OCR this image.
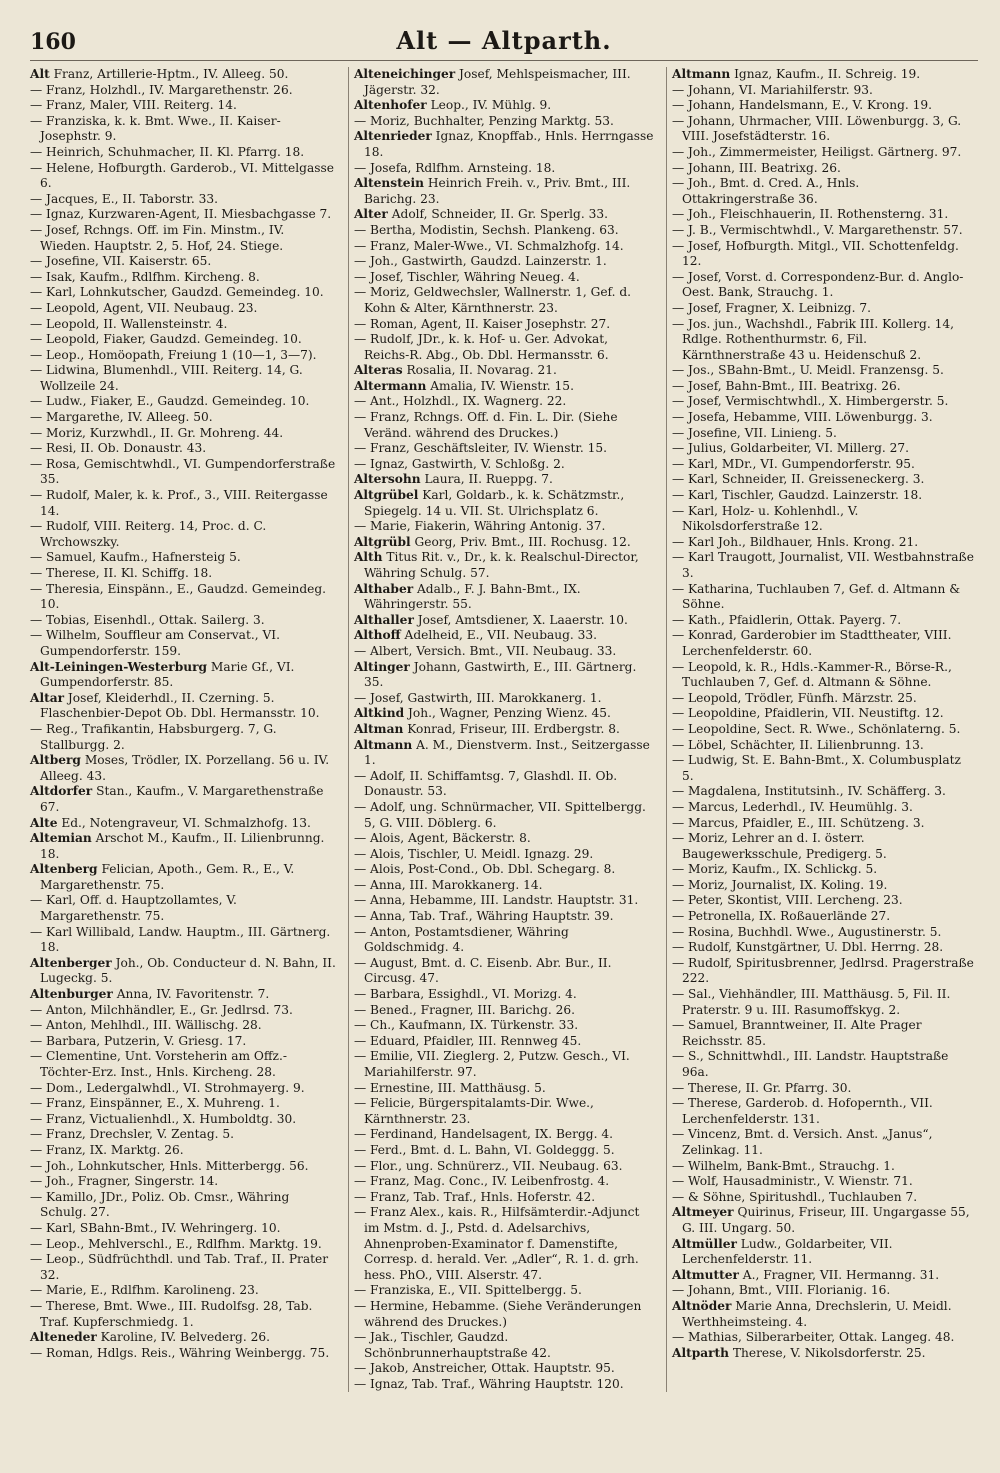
160	Alt — Altparth.
Alt Franz, Artillerie-Hptm., IV. Alleeg. 50.
— Franz, Holzhdl., IV. Margarethenstr. 26.
— Franz, Maler, VIII. Reiterg. 14.
— Franziska, k. k. Bmt. Wwe., II. Kaiser-Josephstr. 9.
— Heinrich, Schuhmacher, II. Kl. Pfarrg. 18.
— Helene, Hofburgth. Garderob., VI. Mittelgasse 6.
— Jacques, E., II. Taborstr. 33.
— Ignaz, Kurzwaren-Agent, II. Miesbachgasse 7.
— Josef, Rchngs. Off. im Fin. Minstm., IV. Wieden. Hauptstr. 2, 5. Hof, 24. Stiege.
— Josefine, VII. Kaiserstr. 65.
— Isak, Kaufm., Rdlfhm. Kircheng. 8.
— Karl, Lohnkutscher, Gaudzd. Gemeindeg. 10.
— Leopold, Agent, VII. Neubaug. 23.
— Leopold, II. Wallensteinstr. 4.
— Leopold, Fiaker, Gaudzd. Gemeindeg. 10.
— Leop., Homöopath, Freiung 1 (10—1, 3—7).
— Lidwina, Blumenhdl., VIII. Reiterg. 14, G. Wollzeile 24.
— Ludw., Fiaker, E., Gaudzd. Gemeindeg. 10.
— Margarethe, IV. Alleeg. 50.
— Moriz, Kurzwhdl., II. Gr. Mohreng. 44.
— Resi, II. Ob. Donaustr. 43.
— Rosa, Gemischtwhdl., VI. Gumpendorferstraße 35.
— Rudolf, Maler, k. k. Prof., 3., VIII. Reitergasse 14.
— Rudolf, VIII. Reiterg. 14, Proc. d. C. Wrchowszky.
— Samuel, Kaufm., Hafnersteig 5.
— Therese, II. Kl. Schiffg. 18.
— Theresia, Einspänn., E., Gaudzd. Gemeindeg. 10.
— Tobias, Eisenhdl., Ottak. Sailerg. 3.
— Wilhelm, Souffleur am Conservat., VI. Gumpendorferstr. 159.
Alt-Leiningen-Westerburg Marie Gf., VI. Gumpendorferstr. 85.
Altar Josef, Kleiderhdl., II. Czerning. 5. Flaschenbier-Depot Ob. Dbl. Hermansstr. 10.
— Reg., Trafikantin, Habsburgerg. 7, G. Stallburgg. 2.
Altberg Moses, Trödler, IX. Porzellang. 56 u. IV. Alleeg. 43.
Altdorfer Stan., Kaufm., V. Margarethenstraße 67.
Alte Ed., Notengraveur, VI. Schmalzhofg. 13.
Altemian Arschot M., Kaufm., II. Lilienbrunng. 18.
Altenberg Felician, Apoth., Gem. R., E., V. Margarethenstr. 75.
— Karl, Off. d. Hauptzollamtes, V. Margarethenstr. 75.
— Karl Willibald, Landw. Hauptm., III. Gärtnerg. 18.
Altenberger Joh., Ob. Conducteur d. N. Bahn, II. Lugeckg. 5.
Altenburger Anna, IV. Favoritenstr. 7.
— Anton, Milchhändler, E., Gr. Jedlrsd. 73.
— Anton, Mehlhdl., III. Wällischg. 28.
— Barbara, Putzerin, V. Griesg. 17.
— Clementine, Unt. Vorsteherin am Offz.-Töchter-Erz. Inst., Hnls. Kircheng. 28.
— Dom., Ledergalwhdl., VI. Strohmayerg. 9.
— Franz, Einspänner, E., X. Muhreng. 1.
— Franz, Victualienhdl., X. Humboldtg. 30.
— Franz, Drechsler, V. Zentag. 5.
— Franz, IX. Marktg. 26.
— Joh., Lohnkutscher, Hnls. Mitterbergg. 56.
— Joh., Fragner, Singerstr. 14.
— Kamillo, JDr., Poliz. Ob. Cmsr., Währing Schulg. 27.
— Karl, SBahn-Bmt., IV. Wehringerg. 10.
— Leop., Mehlverschl., E., Rdlfhm. Marktg. 19.
— Leop., Südfrüchthdl. und Tab. Traf., II. Prater 32.
— Marie, E., Rdlfhm. Karolineng. 23.
— Therese, Bmt. Wwe., III. Rudolfsg. 28, Tab. Traf. Kupferschmiedg. 1.
Alteneder Karoline, IV. Belvederg. 26.
— Roman, Hdlgs. Reis., Währing Weinbergg. 75.
Alteneichinger Josef, Mehlspeismacher, III. Jägerstr. 32.
Altenhofer Leop., IV. Mühlg. 9.
— Moriz, Buchhalter, Penzing Marktg. 53.
Altenrieder Ignaz, Knopffab., Hnls. Herrngasse 18.
— Josefa, Rdlfhm. Arnsteing. 18.
Altenstein Heinrich Freih. v., Priv. Bmt., III. Barichg. 23.
Alter Adolf, Schneider, II. Gr. Sperlg. 33.
— Bertha, Modistin, Sechsh. Plankeng. 63.
— Franz, Maler-Wwe., VI. Schmalzhofg. 14.
— Joh., Gastwirth, Gaudzd. Lainzerstr. 1.
— Josef, Tischler, Währing Neueg. 4.
— Moriz, Geldwechsler, Wallnerstr. 1, Gef. d. Kohn & Alter, Kärnthnerstr. 23.
— Roman, Agent, II. Kaiser Josephstr. 27.
— Rudolf, JDr., k. k. Hof- u. Ger. Advokat, Reichs-R. Abg., Ob. Dbl. Hermansstr. 6.
Alteras Rosalia, II. Novarag. 21.
Altermann Amalia, IV. Wienstr. 15.
— Ant., Holzhdl., IX. Wagnerg. 22.
— Franz, Rchngs. Off. d. Fin. L. Dir. (Siehe Veränd. während des Druckes.)
— Franz, Geschäftsleiter, IV. Wienstr. 15.
— Ignaz, Gastwirth, V. Schloßg. 2.
Altersohn Laura, II. Rueppg. 7.
Altgrübel Karl, Goldarb., k. k. Schätzmstr., Spiegelg. 14 u. VII. St. Ulrichsplatz 6.
— Marie, Fiakerin, Währing Antonig. 37.
Altgrübl Georg, Priv. Bmt., III. Rochusg. 12.
Alth Titus Rit. v., Dr., k. k. Realschul-Director, Währing Schulg. 57.
Althaber Adalb., F. J. Bahn-Bmt., IX. Währingerstr. 55.
Althaller Josef, Amtsdiener, X. Laaerstr. 10.
Althoff Adelheid, E., VII. Neubaug. 33.
— Albert, Versich. Bmt., VII. Neubaug. 33.
Altinger Johann, Gastwirth, E., III. Gärtnerg. 35.
— Josef, Gastwirth, III. Marokkanerg. 1.
Altkind Joh., Wagner, Penzing Wienz. 45.
Altman Konrad, Friseur, III. Erdbergstr. 8.
Altmann A. M., Dienstverm. Inst., Seitzergasse 1.
— Adolf, II. Schiffamtsg. 7, Glashdl. II. Ob. Donaustr. 53.
— Adolf, ung. Schnürmacher, VII. Spittelbergg. 5, G. VIII. Döblerg. 6.
— Alois, Agent, Bäckerstr. 8.
— Alois, Tischler, U. Meidl. Ignazg. 29.
— Alois, Post-Cond., Ob. Dbl. Schegarg. 8.
— Anna, III. Marokkanerg. 14.
— Anna, Hebamme, III. Landstr. Hauptstr. 31.
— Anna, Tab. Traf., Währing Hauptstr. 39.
— Anton, Postamtsdiener, Währing Goldschmidg. 4.
— August, Bmt. d. C. Eisenb. Abr. Bur., II. Circusg. 47.
— Barbara, Essighdl., VI. Morizg. 4.
— Bened., Fragner, III. Barichg. 26.
— Ch., Kaufmann, IX. Türkenstr. 33.
— Eduard, Pfaidler, III. Rennweg 45.
— Emilie, VII. Zieglerg. 2, Putzw. Gesch., VI. Mariahilferstr. 97.
— Ernestine, III. Matthäusg. 5.
— Felicie, Bürgerspitalamts-Dir. Wwe., Kärnthnerstr. 23.
— Ferdinand, Handelsagent, IX. Bergg. 4.
— Ferd., Bmt. d. L. Bahn, VI. Goldeggg. 5.
— Flor., ung. Schnürerz., VII. Neubaug. 63.
— Franz, Mag. Conc., IV. Leibenfrostg. 4.
— Franz, Tab. Traf., Hnls. Hoferstr. 42.
— Franz Alex., kais. R., Hilfsämterdir.-Adjunct im Mstm. d. J., Pstd. d. Adelsarchivs, Ahnenproben-Examinator f. Damenstifte, Corresp. d. herald. Ver. „Adler“, R. 1. d. grh. hess. PhO., VIII. Alserstr. 47.
— Franziska, E., VII. Spittelbergg. 5.
— Hermine, Hebamme. (Siehe Veränderungen während des Druckes.)
— Jak., Tischler, Gaudzd. Schönbrunnerhauptstraße 42.
— Jakob, Anstreicher, Ottak. Hauptstr. 95.
— Ignaz, Tab. Traf., Währing Hauptstr. 120.
Altmann Ignaz, Kaufm., II. Schreig. 19.
— Johann, VI. Mariahilferstr. 93.
— Johann, Handelsmann, E., V. Krong. 19.
— Johann, Uhrmacher, VIII. Löwenburgg. 3, G. VIII. Josefstädterstr. 16.
— Joh., Zimmermeister, Heiligst. Gärtnerg. 97.
— Johann, III. Beatrixg. 26.
— Joh., Bmt. d. Cred. A., Hnls. Ottakringerstraße 36.
— Joh., Fleischhauerin, II. Rothensterng. 31.
— J. B., Vermischtwhdl., V. Margarethenstr. 57.
— Josef, Hofburgth. Mitgl., VII. Schottenfeldg. 12.
— Josef, Vorst. d. Correspondenz-Bur. d. Anglo-Oest. Bank, Strauchg. 1.
— Josef, Fragner, X. Leibnizg. 7.
— Jos. jun., Wachshdl., Fabrik III. Kollerg. 14, Rdlge. Rothenthurmstr. 6, Fil. Kärnthnerstraße 43 u. Heidenschuß 2.
— Jos., SBahn-Bmt., U. Meidl. Franzensg. 5.
— Josef, Bahn-Bmt., III. Beatrixg. 26.
— Josef, Vermischtwhdl., X. Himbergerstr. 5.
— Josefa, Hebamme, VIII. Löwenburgg. 3.
— Josefine, VII. Linieng. 5.
— Julius, Goldarbeiter, VI. Millerg. 27.
— Karl, MDr., VI. Gumpendorferstr. 95.
— Karl, Schneider, II. Greisseneckerg. 3.
— Karl, Tischler, Gaudzd. Lainzerstr. 18.
— Karl, Holz- u. Kohlenhdl., V. Nikolsdorferstraße 12.
— Karl Joh., Bildhauer, Hnls. Krong. 21.
— Karl Traugott, Journalist, VII. Westbahnstraße 3.
— Katharina, Tuchlauben 7, Gef. d. Altmann & Söhne.
— Kath., Pfaidlerin, Ottak. Payerg. 7.
— Konrad, Garderobier im Stadttheater, VIII. Lerchenfelderstr. 60.
— Leopold, k. R., Hdls.-Kammer-R., Börse-R., Tuchlauben 7, Gef. d. Altmann & Söhne.
— Leopold, Trödler, Fünfh. Märzstr. 25.
— Leopoldine, Pfaidlerin, VII. Neustiftg. 12.
— Leopoldine, Sect. R. Wwe., Schönlaterng. 5.
— Löbel, Schächter, II. Lilienbrunng. 13.
— Ludwig, St. E. Bahn-Bmt., X. Columbusplatz 5.
— Magdalena, Institutsinh., IV. Schäfferg. 3.
— Marcus, Lederhdl., IV. Heumühlg. 3.
— Marcus, Pfaidler, E., III. Schützeng. 3.
— Moriz, Lehrer an d. I. österr. Baugewerksschule, Predigerg. 5.
— Moriz, Kaufm., IX. Schlickg. 5.
— Moriz, Journalist, IX. Koling. 19.
— Peter, Skontist, VIII. Lercheng. 23.
— Petronella, IX. Roßauerlände 27.
— Rosina, Buchhdl. Wwe., Augustinerstr. 5.
— Rudolf, Kunstgärtner, U. Dbl. Herrng. 28.
— Rudolf, Spiritusbrenner, Jedlrsd. Pragerstraße 222.
— Sal., Viehhändler, III. Matthäusg. 5, Fil. II. Praterstr. 9 u. III. Rasumoffskyg. 2.
— Samuel, Branntweiner, II. Alte Prager Reichsstr. 85.
— S., Schnittwhdl., III. Landstr. Hauptstraße 96a.
— Therese, II. Gr. Pfarrg. 30.
— Therese, Garderob. d. Hofopernth., VII. Lerchenfelderstr. 131.
— Vincenz, Bmt. d. Versich. Anst. „Janus“, Zelinkag. 11.
— Wilhelm, Bank-Bmt., Strauchg. 1.
— Wolf, Hausadministr., V. Wienstr. 71.
— & Söhne, Spiritushdl., Tuchlauben 7.
Altmeyer Quirinus, Friseur, III. Ungargasse 55, G. III. Ungarg. 50.
Altmüller Ludw., Goldarbeiter, VII. Lerchenfelderstr. 11.
Altmutter A., Fragner, VII. Hermanng. 31.
— Johann, Bmt., VIII. Florianig. 16.
Altnöder Marie Anna, Drechslerin, U. Meidl. Werthheimsteing. 4.
— Mathias, Silberarbeiter, Ottak. Langeg. 48.
Altparth Therese, V. Nikolsdorferstr. 25.
